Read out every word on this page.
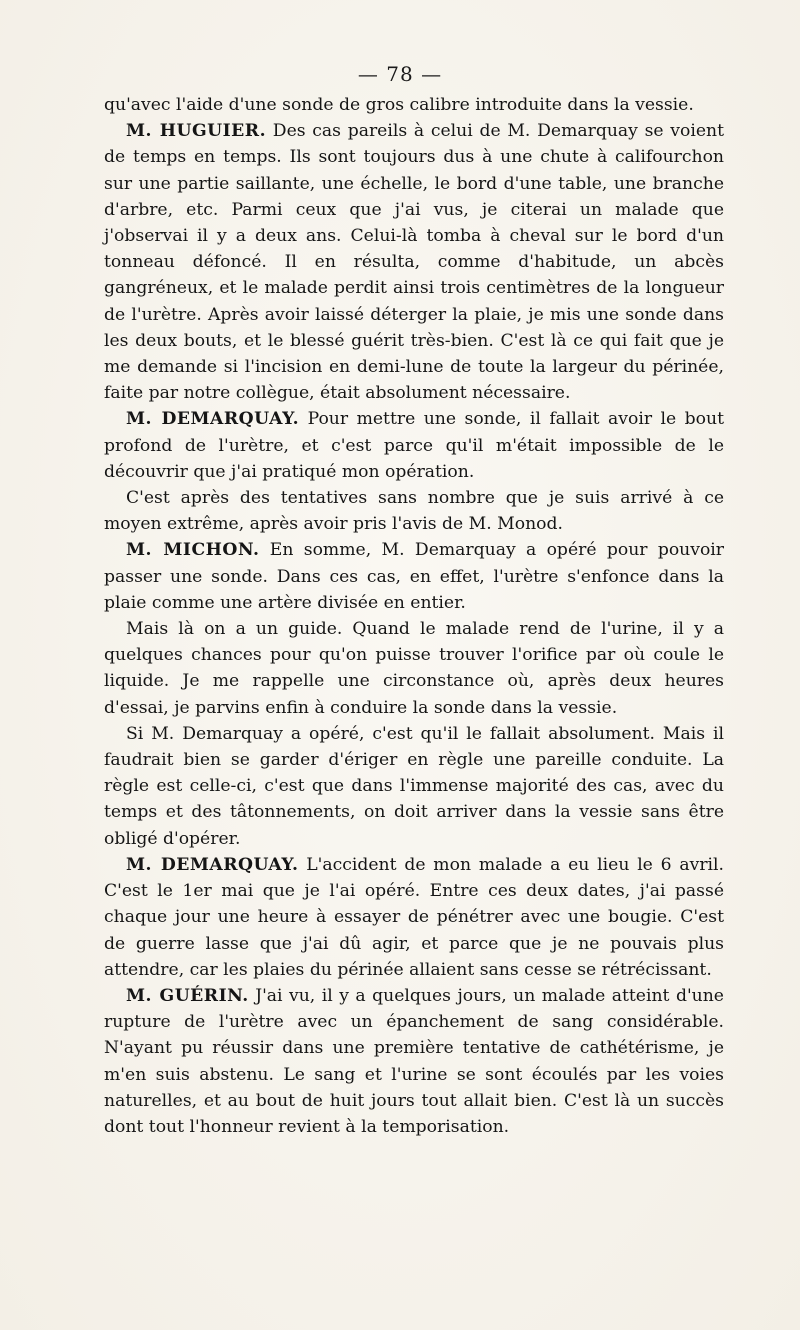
— 78 —

qu'avec l'aide d'une sonde de gros calibre introduite dans la vessie.

M. HUGUIER. Des cas pareils à celui de M. Demarquay se voient de temps en temps. Ils sont toujours dus à une chute à califourchon sur une partie saillante, une échelle, le bord d'une table, une branche d'arbre, etc. Parmi ceux que j'ai vus, je citerai un malade que j'observai il y a deux ans. Celui-là tomba à cheval sur le bord d'un tonneau défoncé. Il en résulta, comme d'habitude, un abcès gangréneux, et le malade perdit ainsi trois centimètres de la longueur de l'urètre. Après avoir laissé déterger la plaie, je mis une sonde dans les deux bouts, et le blessé guérit très-bien. C'est là ce qui fait que je me demande si l'incision en demi-lune de toute la largeur du périnée, faite par notre collègue, était absolument nécessaire.

M. DEMARQUAY. Pour mettre une sonde, il fallait avoir le bout profond de l'urètre, et c'est parce qu'il m'était impossible de le découvrir que j'ai pratiqué mon opération.

C'est après des tentatives sans nombre que je suis arrivé à ce moyen extrême, après avoir pris l'avis de M. Monod.

M. MICHON. En somme, M. Demarquay a opéré pour pouvoir passer une sonde. Dans ces cas, en effet, l'urètre s'enfonce dans la plaie comme une artère divisée en entier.

Mais là on a un guide. Quand le malade rend de l'urine, il y a quelques chances pour qu'on puisse trouver l'orifice par où coule le liquide. Je me rappelle une circonstance où, après deux heures d'essai, je parvins enfin à conduire la sonde dans la vessie.

Si M. Demarquay a opéré, c'est qu'il le fallait absolument. Mais il faudrait bien se garder d'ériger en règle une pareille conduite. La règle est celle-ci, c'est que dans l'immense majorité des cas, avec du temps et des tâtonnements, on doit arriver dans la vessie sans être obligé d'opérer.

M. DEMARQUAY. L'accident de mon malade a eu lieu le 6 avril. C'est le 1er mai que je l'ai opéré. Entre ces deux dates, j'ai passé chaque jour une heure à essayer de pénétrer avec une bougie. C'est de guerre lasse que j'ai dû agir, et parce que je ne pouvais plus attendre, car les plaies du périnée allaient sans cesse se rétrécissant.

M. GUÉRIN. J'ai vu, il y a quelques jours, un malade atteint d'une rupture de l'urètre avec un épanchement de sang considérable. N'ayant pu réussir dans une première tentative de cathétérisme, je m'en suis abstenu. Le sang et l'urine se sont écoulés par les voies naturelles, et au bout de huit jours tout allait bien. C'est là un succès dont tout l'honneur revient à la temporisation.
